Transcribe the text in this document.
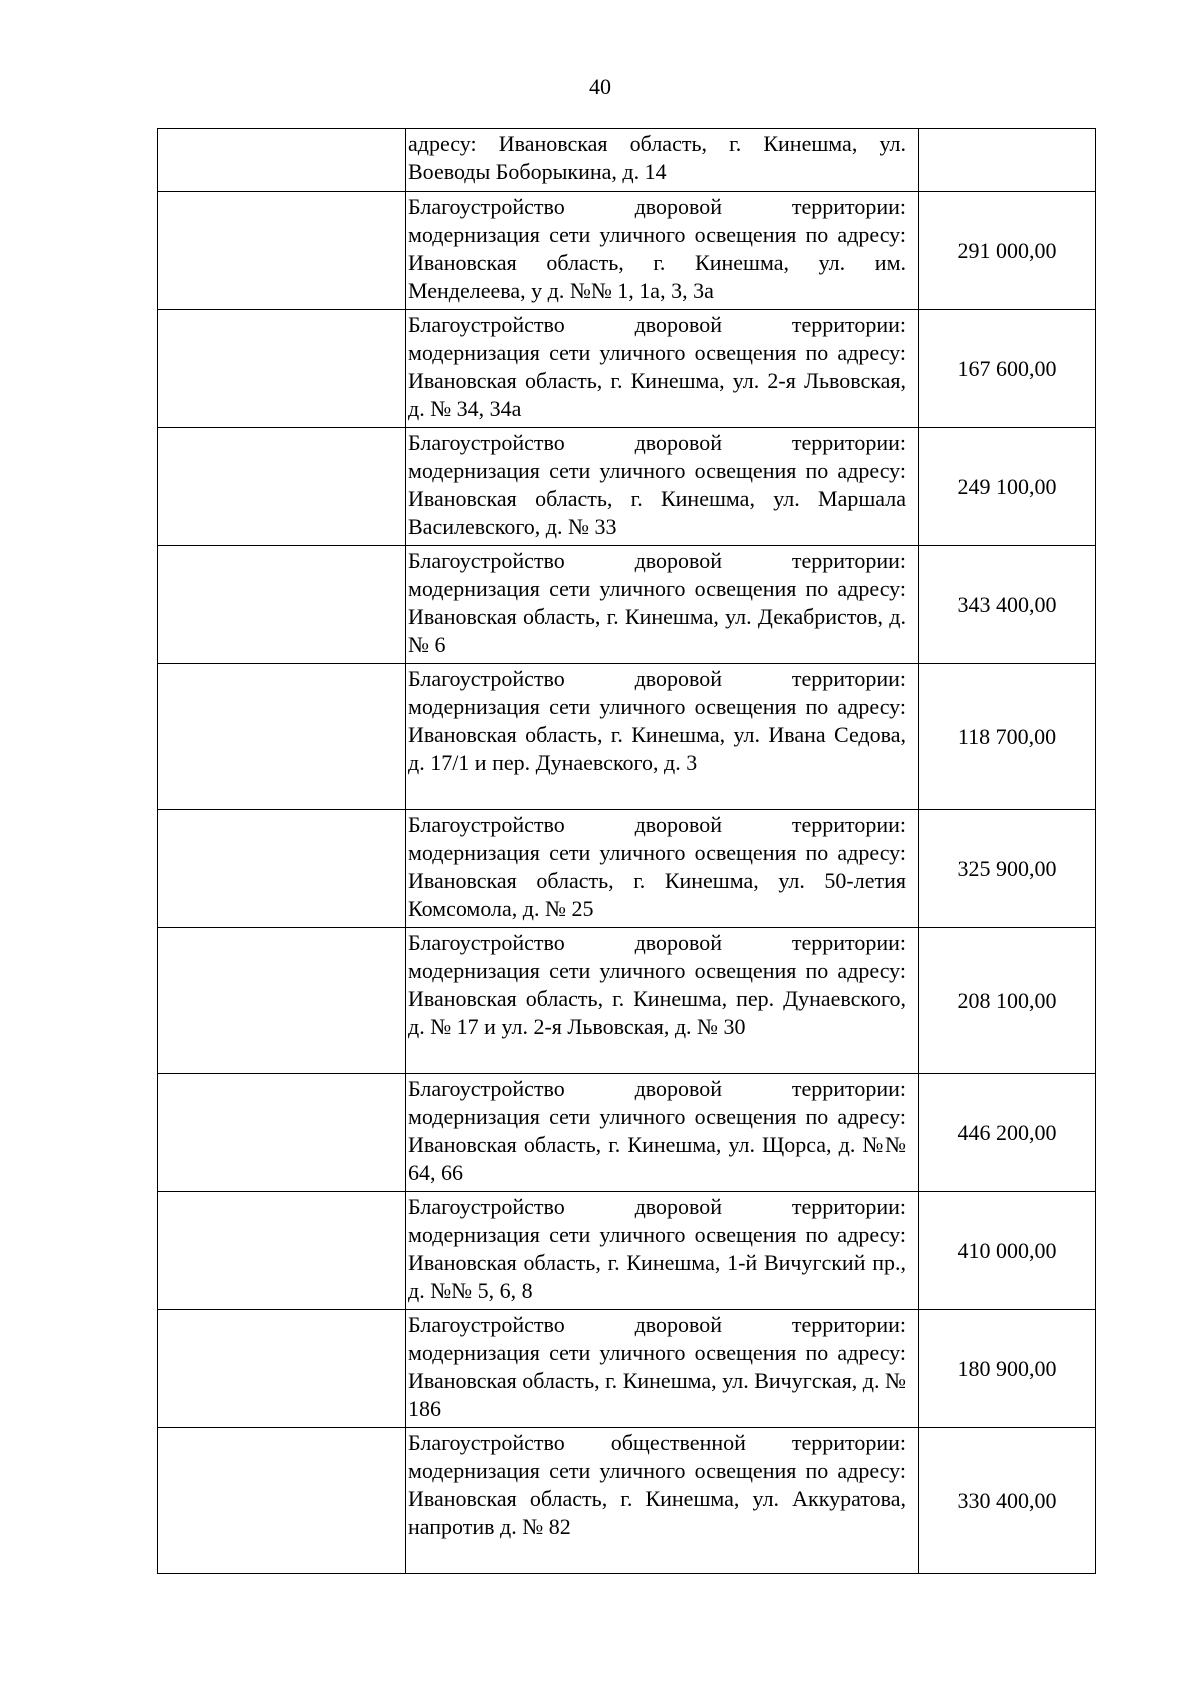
40

	адресу: Ивановская область, г. Кинешма, ул. Воеводы Боборыкина, д. 14	

	Благоустройство дворовой территории: модернизация сети уличного освещения по адресу: Ивановская область, г. Кинешма, ул. им. Менделеева, у д. №№ 1, 1а, 3, 3а	291 000,00

	Благоустройство дворовой территории: модернизация сети уличного освещения по адресу: Ивановская область, г. Кинешма, ул. 2-я Львовская, д. № 34, 34а	167 600,00

	Благоустройство дворовой территории: модернизация сети уличного освещения по адресу: Ивановская область, г. Кинешма, ул. Маршала Василевского, д. № 33	249 100,00

	Благоустройство дворовой территории: модернизация сети уличного освещения по адресу: Ивановская область, г. Кинешма, ул. Декабристов, д. № 6	343 400,00

	Благоустройство дворовой территории: модернизация сети уличного освещения по адресу: Ивановская область, г. Кинешма, ул. Ивана Седова, д. 17/1 и пер. Дунаевского, д. 3	118 700,00

	Благоустройство дворовой территории: модернизация сети уличного освещения по адресу: Ивановская область, г. Кинешма, ул. 50-летия Комсомола, д. № 25	325 900,00

	Благоустройство дворовой территории: модернизация сети уличного освещения по адресу: Ивановская область, г. Кинешма, пер. Дунаевского, д. № 17 и ул. 2-я Львовская, д. № 30	208 100,00

	Благоустройство дворовой территории: модернизация сети уличного освещения по адресу: Ивановская область, г. Кинешма, ул. Щорса, д. №№ 64, 66	446 200,00

	Благоустройство дворовой территории: модернизация сети уличного освещения по адресу: Ивановская область, г. Кинешма, 1-й Вичугский пр., д. №№ 5, 6, 8	410 000,00

	Благоустройство дворовой территории: модернизация сети уличного освещения по адресу: Ивановская область, г. Кинешма, ул. Вичугская, д. № 186	180 900,00

	Благоустройство общественной территории: модернизация сети уличного освещения по адресу: Ивановская область, г. Кинешма, ул. Аккуратова, напротив д. № 82	330 400,00
